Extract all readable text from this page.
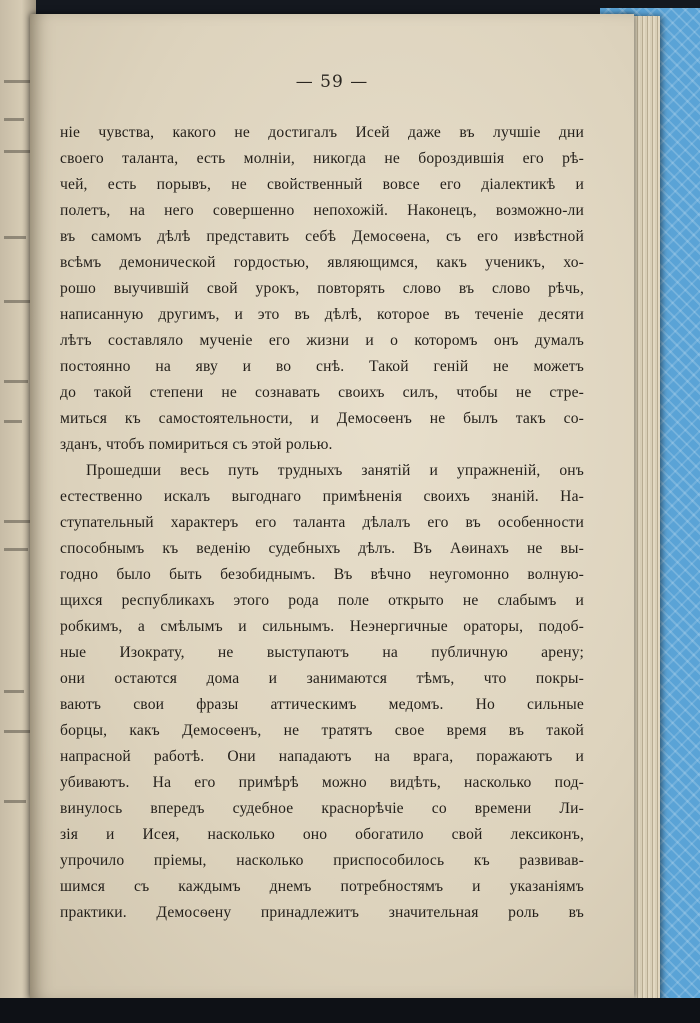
— 59 —
ніе чувства, какого не достигалъ Исей даже въ лучшіе дни
своего таланта, есть молніи, никогда не бороздившія его рѣ-
чей, есть порывъ, не свойственный вовсе его діалектикѣ и
полетъ, на него совершенно непохожій. Наконецъ, возможно-ли
въ самомъ дѣлѣ представить себѣ Демосѳена, съ его извѣстной
всѣмъ демонической гордостью, являющимся, какъ ученикъ, хо-
рошо выучившій свой урокъ, повторять слово въ слово рѣчь,
написанную другимъ, и это въ дѣлѣ, которое въ теченіе десяти
лѣтъ составляло мученіе его жизни и о которомъ онъ думалъ
постоянно на яву и во снѣ. Такой геній не можетъ
до такой степени не сознавать своихъ силъ, чтобы не стре-
миться къ самостоятельности, и Демосѳенъ не былъ такъ со-
зданъ, чтобъ помириться съ этой ролью.
Прошедши весь путь трудныхъ занятій и упражненій, онъ
естественно искалъ выгоднаго примѣненія своихъ знаній. На-
ступательный характеръ его таланта дѣлалъ его въ особенности
способнымъ къ веденію судебныхъ дѣлъ. Въ Аѳинахъ не вы-
годно было быть безобиднымъ. Въ вѣчно неугомонно волную-
щихся республикахъ этого рода поле открыто не слабымъ и
робкимъ, а смѣлымъ и сильнымъ. Неэнергичные ораторы, подоб-
ные Изократу, не выступаютъ на публичную арену;
они остаются дома и занимаются тѣмъ, что покры-
ваютъ свои фразы аттическимъ медомъ. Но сильные
борцы, какъ Демосѳенъ, не тратятъ свое время въ такой
напрасной работѣ. Они нападаютъ на врага, поражаютъ и
убиваютъ. На его примѣрѣ можно видѣть, насколько под-
винулось впередъ судебное краснорѣчіе со времени Ли-
зія и Исея, насколько оно обогатило свой лексиконъ,
упрочило пріемы, насколько приспособилось къ развивав-
шимся съ каждымъ днемъ потребностямъ и указаніямъ
практики. Демосѳену принадлежитъ значительная роль въ
